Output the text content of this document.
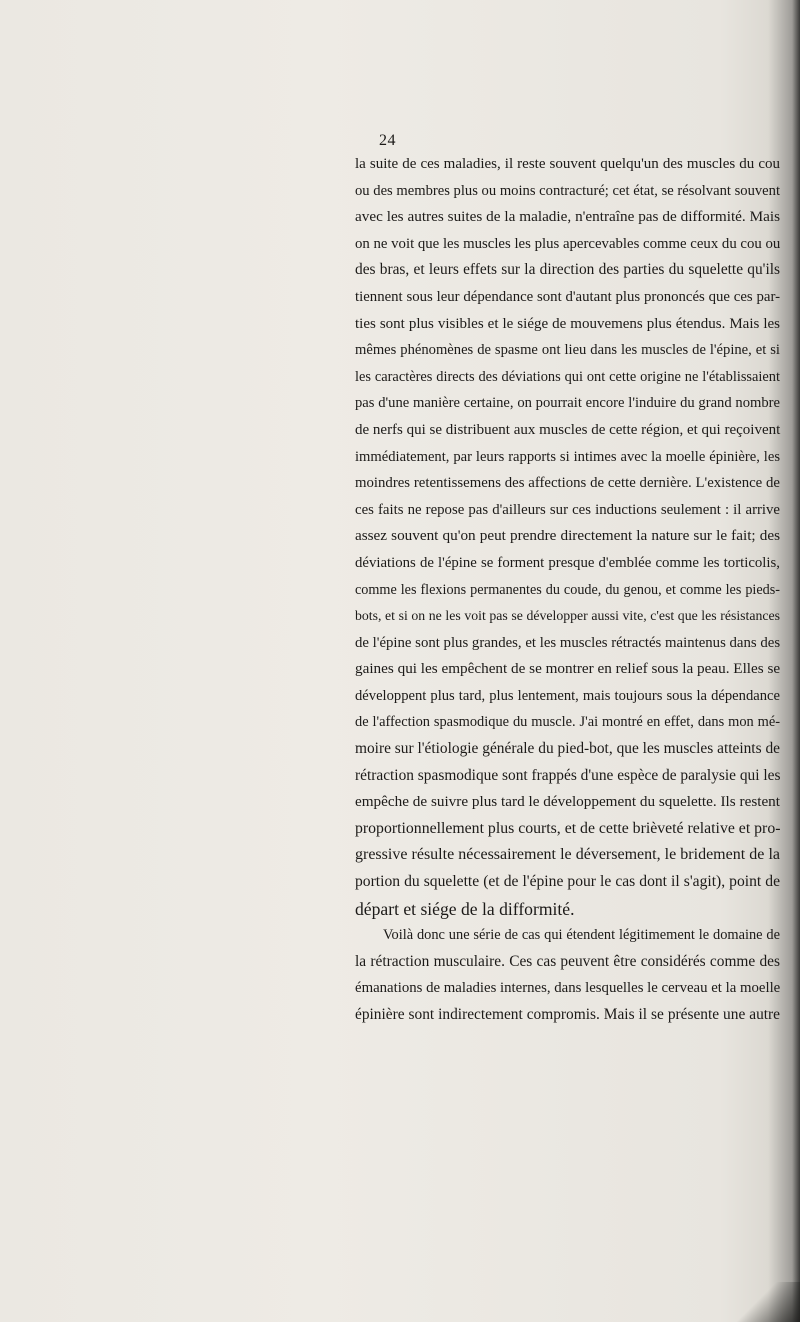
24
la suite de ces maladies, il reste souvent quelqu'un des muscles du cou
ou des membres plus ou moins contracturé; cet état, se résolvant souvent
avec les autres suites de la maladie, n'entraîne pas de difformité. Mais
on ne voit que les muscles les plus apercevables comme ceux du cou ou
des bras, et leurs effets sur la direction des parties du squelette qu'ils
tiennent sous leur dépendance sont d'autant plus prononcés que ces par-
ties sont plus visibles et le siége de mouvemens plus étendus. Mais les
mêmes phénomènes de spasme ont lieu dans les muscles de l'épine, et si
les caractères directs des déviations qui ont cette origine ne l'établissaient
pas d'une manière certaine, on pourrait encore l'induire du grand nombre
de nerfs qui se distribuent aux muscles de cette région, et qui reçoivent
immédiatement, par leurs rapports si intimes avec la moelle épinière, les
moindres retentissemens des affections de cette dernière. L'existence de
ces faits ne repose pas d'ailleurs sur ces inductions seulement : il arrive
assez souvent qu'on peut prendre directement la nature sur le fait; des
déviations de l'épine se forment presque d'emblée comme les torticolis,
comme les flexions permanentes du coude, du genou, et comme les pieds-
bots, et si on ne les voit pas se développer aussi vite, c'est que les résistances
de l'épine sont plus grandes, et les muscles rétractés maintenus dans des
gaines qui les empêchent de se montrer en relief sous la peau. Elles se
développent plus tard, plus lentement, mais toujours sous la dépendance
de l'affection spasmodique du muscle. J'ai montré en effet, dans mon mé-
moire sur l'étiologie générale du pied-bot, que les muscles atteints de
rétraction spasmodique sont frappés d'une espèce de paralysie qui les
empêche de suivre plus tard le développement du squelette. Ils restent
proportionnellement plus courts, et de cette brièveté relative et pro-
gressive résulte nécessairement le déversement, le bridement de la
portion du squelette (et de l'épine pour le cas dont il s'agit), point de
départ et siége de la difformité.
Voilà donc une série de cas qui étendent légitimement le domaine de
la rétraction musculaire. Ces cas peuvent être considérés comme des
émanations de maladies internes, dans lesquelles le cerveau et la moelle
épinière sont indirectement compromis. Mais il se présente une autre
